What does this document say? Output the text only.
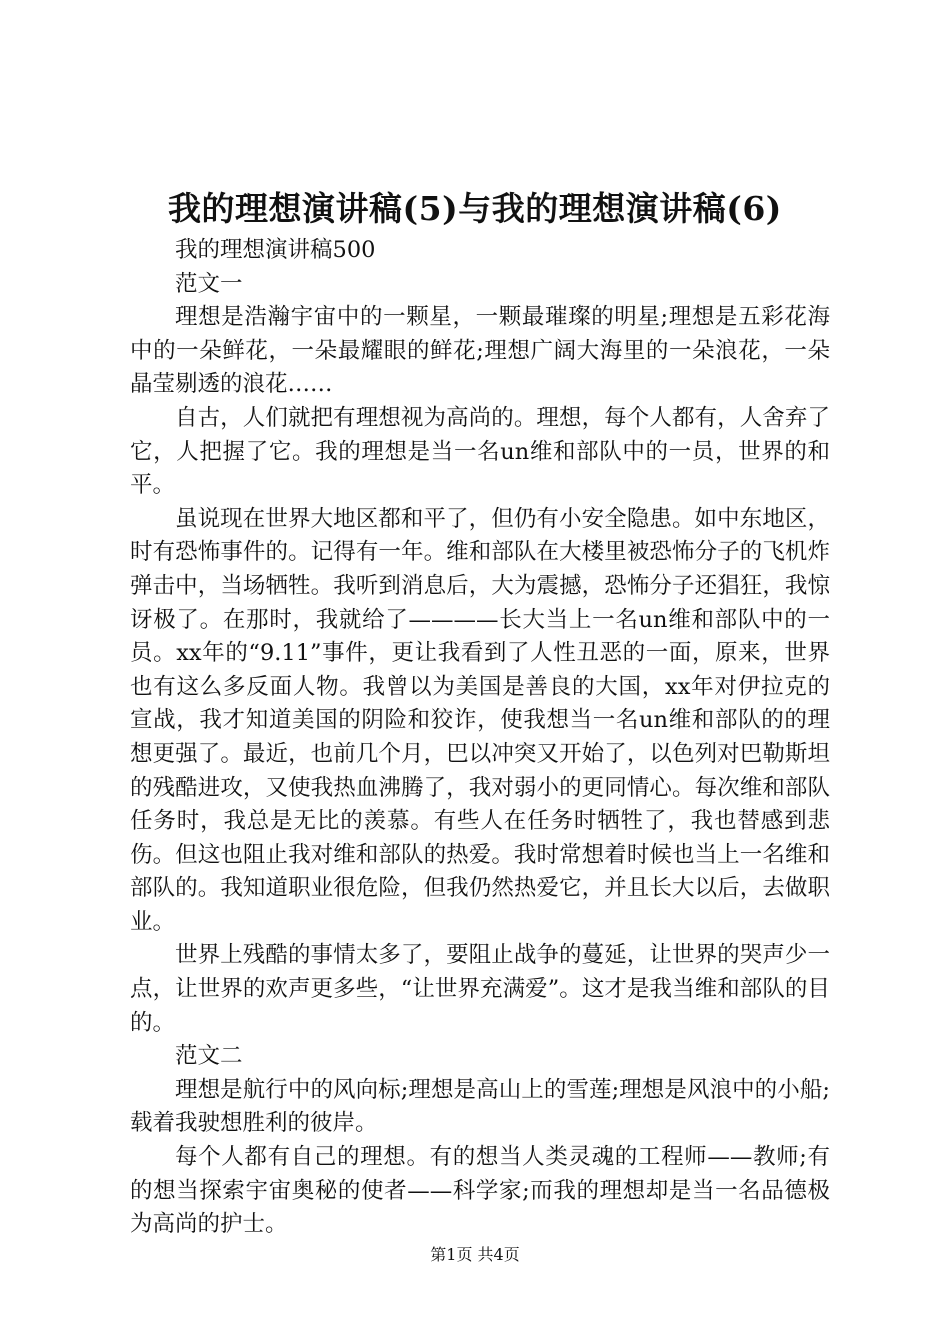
我的理想演讲稿(5)与我的理想演讲稿(6)

我的理想演讲稿500

范文一

理想是浩瀚宇宙中的一颗星，一颗最璀璨的明星;理想是五彩花海中的一朵鲜花，一朵最耀眼的鲜花;理想广阔大海里的一朵浪花，一朵晶莹剔透的浪花……

自古，人们就把有理想视为高尚的。理想，每个人都有，人舍弃了它，人把握了它。我的理想是当一名un维和部队中的一员，世界的和平。

虽说现在世界大地区都和平了，但仍有小安全隐患。如中东地区，时有恐怖事件的。记得有一年。维和部队在大楼里被恐怖分子的飞机炸弹击中，当场牺牲。我听到消息后，大为震撼，恐怖分子还猖狂，我惊讶极了。在那时，我就给了————长大当上一名un维和部队中的一员。xx年的“9.11”事件，更让我看到了人性丑恶的一面，原来，世界也有这么多反面人物。我曾以为美国是善良的大国，xx年对伊拉克的宣战，我才知道美国的阴险和狡诈，使我想当一名un维和部队的的理想更强了。最近，也前几个月，巴以冲突又开始了，以色列对巴勒斯坦的残酷进攻，又使我热血沸腾了，我对弱小的更同情心。每次维和部队任务时，我总是无比的羡慕。有些人在任务时牺牲了，我也替感到悲伤。但这也阻止我对维和部队的热爱。我时常想着时候也当上一名维和部队的。我知道职业很危险，但我仍然热爱它，并且长大以后，去做职业。

世界上残酷的事情太多了，要阻止战争的蔓延，让世界的哭声少一点，让世界的欢声更多些，“让世界充满爱”。这才是我当维和部队的目的。

范文二

理想是航行中的风向标;理想是高山上的雪莲;理想是风浪中的小船;载着我驶想胜利的彼岸。

每个人都有自己的理想。有的想当人类灵魂的工程师——教师;有的想当探索宇宙奥秘的使者——科学家;而我的理想却是当一名品德极为高尚的护士。

第1页 共4页
